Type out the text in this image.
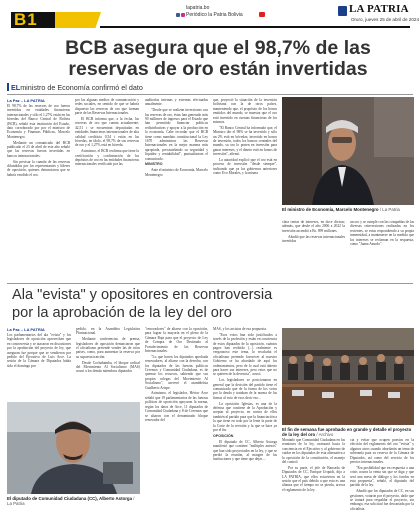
B1
lapatria.bo
Periódico la Patria Bolivia	LA PATRIA
Oruro, jueves 25 de abril de 2024
BCB asegura que el 98,7% de las
reservas de oro están invertidas
ELministro de Economía confirmó el dato
La Paz – LA PATRIA

El 98,7% de las reservas de oro fueron invertidas en entidades financieras internacionales y sólo el 1,27% están en las bóvedas del Banco Central de Bolivia (BCB), señaló esta institución del Estado, dato corroborado por por el ministro de Economía y Finanzas Públicas, Marcelo Montenegro.

Mediante un comunicado del BCB publicado el 23 de abril de este año señaló que las reservas fueron invertidas en bancos internacionales.

Sin precisar la cuantía de las reservas difundidas por los representantes y líderes de oposición, quienes denunciaron que se habría vendido el oro.

por las algunas medios de comunicación y redes sociales, en sentido de que se habría dispuesto las reservas de oro que forman parte de las Reservas Internacionales.

El BCB informa que, a la fecha, las reservas de oro que cuenta actualmente, 42,51 t se encuentran depositadas en entidades financieras internacionales de alta calidad crediticia 0,54 t están en las bóvedas, en ídolo, el 98,7% de sus reservas de oro y el 1,27% está en bóveda.

Asimismo, el BCB reafirma que tiene la certificación y confirmación de los depósitos de oro en las entidades financieras internacionales verificado por las

auditorías internas y externas efectuadas anualmente.

"Desde que se realizan inversiones con las reservas de oro, éstas han generado más 90 millones de ingresos para el Estado que han permitido financiar políticas redistributivas y apoyar a la producción en la economía. Cabe recordar que el BCB tiene como mandato constitucional la Ley 1670 administrar las Reservas Internacionales en la mejor manera más apropiada, precautelando su seguridad y liquidez y rentabilidad", puntualizaron el comunicado.

MINISTRO

Ante el ministro de Economía, Marcelo Montenegro

que, proyectó la situación de la inversión boliviana con la de otros países, manteniendo que, el propósito de los bonos emitidos del mundo, se muestra que el oro está invertido en cuentas financieras de los mismos.

"El Banco Central ha informado que, el Ministro dio el 98% se ha invertido y sólo un 2% está en bóvedas; invertido en bonos de inversión, todos los bancos centrales del mundo, su oro lo ponen en inversión para ganar intereses, y el dinero está en bonos de inversión", afirmó.

La autoridad explicó que el oro está en proceso de inversión "desde siempre", indicando que ya los gobiernos anteriores como Evo Morales, y la misma

El ministro de Economía, Marcelo Montenegro / La Patria

clara rentas de intereses, en doce divisas; además, que desde el año 2006 a 2022 la inversión ascendió a Bs. 899 millones.

Añadió que las reservas internacionales invertidas

un oro y se cumple con las compañías de las diversas reinversiones realizadas en los recientes, se estas respondiendo a su propia inmensidad, a mantenerse en la medida que los intereses se reclaman en la respuesta, como "Juana Azurdo".

Ala "evista" y opositores en controversia
por la aprobación de la ley del oro
La Paz – LA PATRIA

Los parlamentarios del ala "evista" y los legisladores de oposición aprovechan que en controversia y se atacaron en discusiones por la aprobación del proyecto de ley, que aseguran fue porque que se vendieron por pedido del Ejecutivo de Luis Arce. La sesión de la Cámara de Diputados había sido el domingo por

pedido, en la Asamblea Legislativa Plurinacional.

Mediante conferencias de prensa, legisladores de oposición denunciaron que el oficialismo pretende vender las de otros países, como, para aumentar la reserva por su supuesta traición.

Desde Cochabamba, el bloque radical del Movimiento Al Socialismo (MAS) acusó a los demás miembros diputados

El diputado de Comunidad Ciudadana (CC), Alberto Astorga / La Patria

"renovadores" de aliarse con la oposición, para lograr la mayoría en el pleno de la Cámara Baja para que el proyecto de Ley de Compra de Oro Destinado al Fortalecimiento de las Reservas Internacionales.

"Lo que hacen los diputados aprobada renovadores, al aliarse con la derecha, con los diputados de las fuerzas políticas Creemos y Comunidad Ciudadana, es de quemar los recursos, sabiendo que sus propios colegas del Movimiento Al Socialismo", aseveró el asambleísta Gualberto Arispe.

Asimismo, el legislador, Héctor Arce señaló que 19 parlamentarios de las fuerzas políticas de oposición apoyaron la norma, según los datos de Arce, 11 diputados de Comunidad Ciudadana y 8 de Creemos que se aliaron con el denominado bloque renovador del

MAS, y los arcistas de esa propuesta.

"Esos votos han sido justificados a través de la profesión y están en conciencia de estos diputados de la oposición, cuántos pagos han recibido (...) realmente es vergonzoso este tema, lo recalcaba el oficialismo pretende favorecer al nuestro Gobierno se ha abordado de aquí los ordenamientos, pero de lo cual está abierto para hacer sus intereses, pero estos que no se quieren de la decencia", acusó.

Los legisladores se posicionaron en general que la decisión del partido tiene el comunicado que de la forma de los votos por la deuda y trataban de la norma de las firmas al voto de esos decir eso...

La oposición Iglesias, es una de la defensa que contiene de la Aprobación y aceptar al proyecto, en contra de ellos también al partido para que la financiación a la que tiene en todo por la lente la parte de la Corte de la revisión y la que se hace ya por el fin.

OPOSICIÓN

El diputado de CC, Alberto Astorga manifestó que contiene "múltiples anexos" que han sido proyectados en la ley, y que se perdió la reunión, al margen de las instituciones y que tiene que dejar....

El fin de semana fue aprobado en grande y detalle el proyecto de la ley del oro / Archivo

Montaño que Comunidad Ciudadana en las reuniones de la ley, avanzará hacia la conciencia en el Ejecutivo y al gobierno de cuidar en los diputados de esta alternativa a la oposición de la constitución, el manejo del control.

Por su parte, el jefe de Bancada de Diputados de CC, Enrique Urquidi, dijo a LA PATRIA, que ellos estuvieron en la sesión que el país debido a que esta es una alianza que el tiempo no se pierda, acerca el reglamento de la ley.

cia y evitar que ocupen puestos en la elección del reglamento del oro "evista" y algunos otros cuando abordarán un tema de soberanía para su reserva de la Cámara de Diputados, así como del servicio de los precios internacionales.

"Era posibilidad que en respuesta a una crisis ocurra la venta sin que se diga y que será una mesa de diálogo y los fondos en esta propuesta", señaló, el diputado del partido de la ley.

Añadió que los diputados de CC, en sus gestiones, votaron por el proyecto, dado que se tratará para respaldar el proyecto, sin embargo, esa solicitud fue descartada por la oficialista.
